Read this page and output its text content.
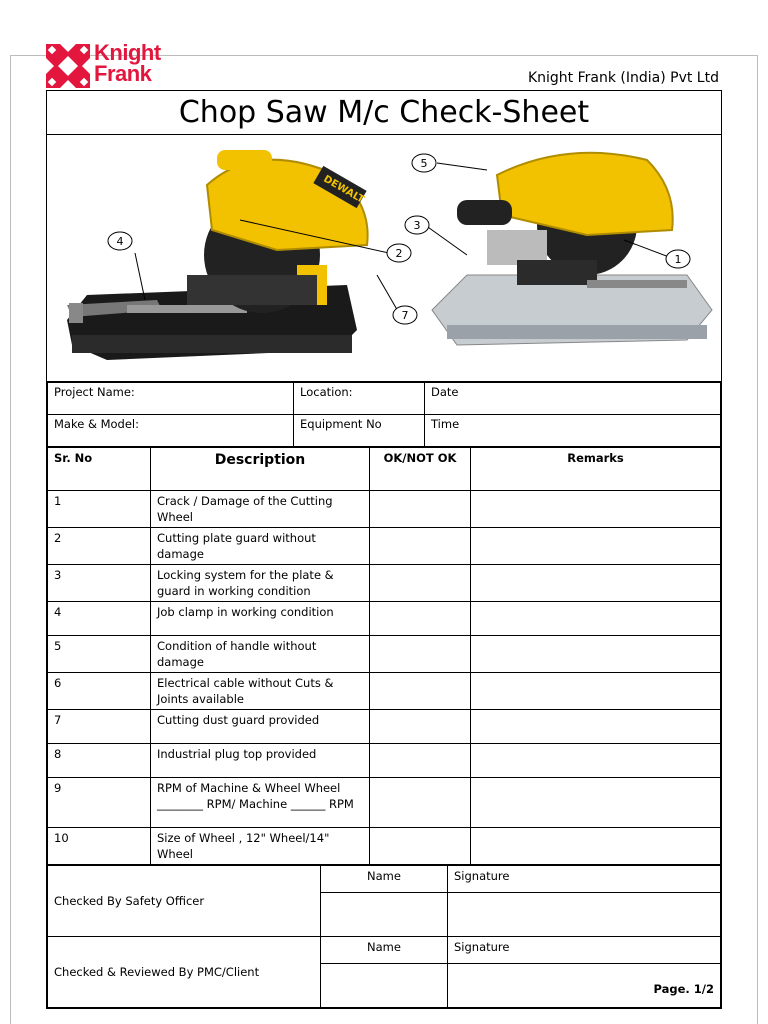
Knight
Frank	Knight Frank (India) Pvt Ltd
Chop Saw M/c Check-Sheet
DEWALT
1
2
3
4
5
7
Project Name:	Location:	Date
Make & Model:	Equipment No	Time
Sr. No	Description	OK/NOT OK	Remarks
1	Crack / Damage of the Cutting Wheel		
2	Cutting plate guard without damage		
3	Locking system for the plate & guard in working condition		
4	Job clamp in working condition		
5	Condition of handle without damage		
6	Electrical cable without Cuts & Joints available		
7	Cutting dust guard provided		
8	Industrial plug top provided		
9	RPM of Machine & Wheel Wheel ________ RPM/ Machine ______ RPM		
10	Size of Wheel , 12" Wheel/14" Wheel		
Checked By Safety Officer	Name	Signature

Checked & Reviewed By PMC/Client	Name	Signature

Page. 1/2
